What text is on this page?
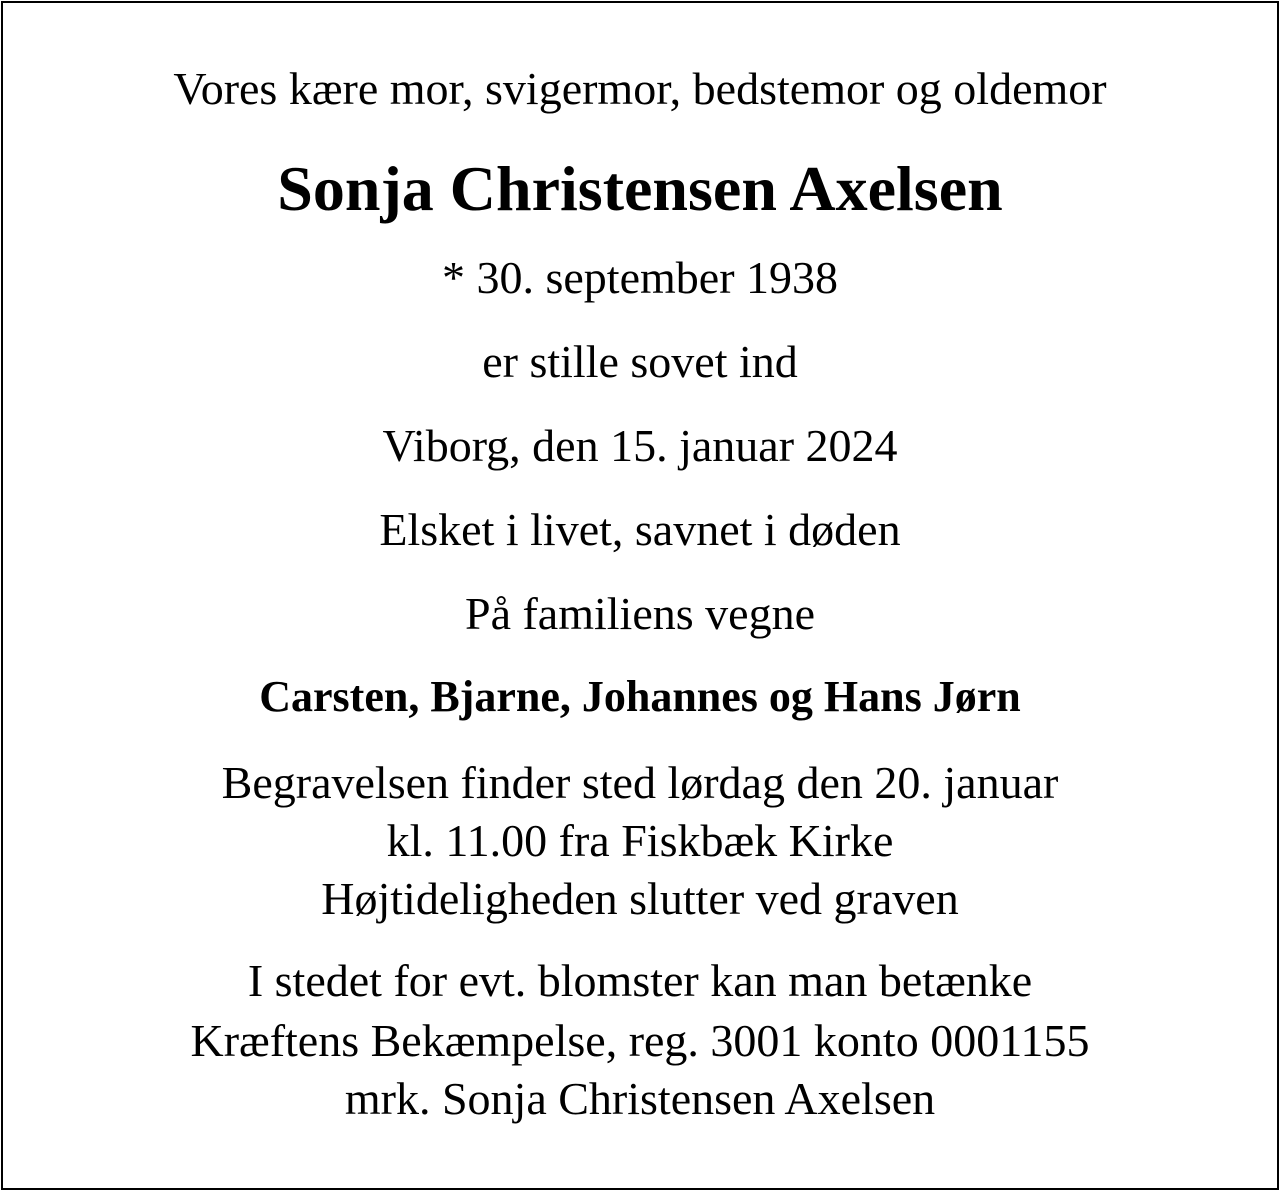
Vores kære mor, svigermor, bedstemor og oldemor
Sonja Christensen Axelsen
* 30. september 1938
er stille sovet ind
Viborg, den 15. januar 2024
Elsket i livet, savnet i døden
På familiens vegne
Carsten, Bjarne, Johannes og Hans Jørn
Begravelsen finder sted lørdag den 20. januar
kl. 11.00 fra Fiskbæk Kirke
Højtideligheden slutter ved graven
I stedet for evt. blomster kan man betænke
Kræftens Bekæmpelse, reg. 3001 konto 0001155
mrk. Sonja Christensen Axelsen
